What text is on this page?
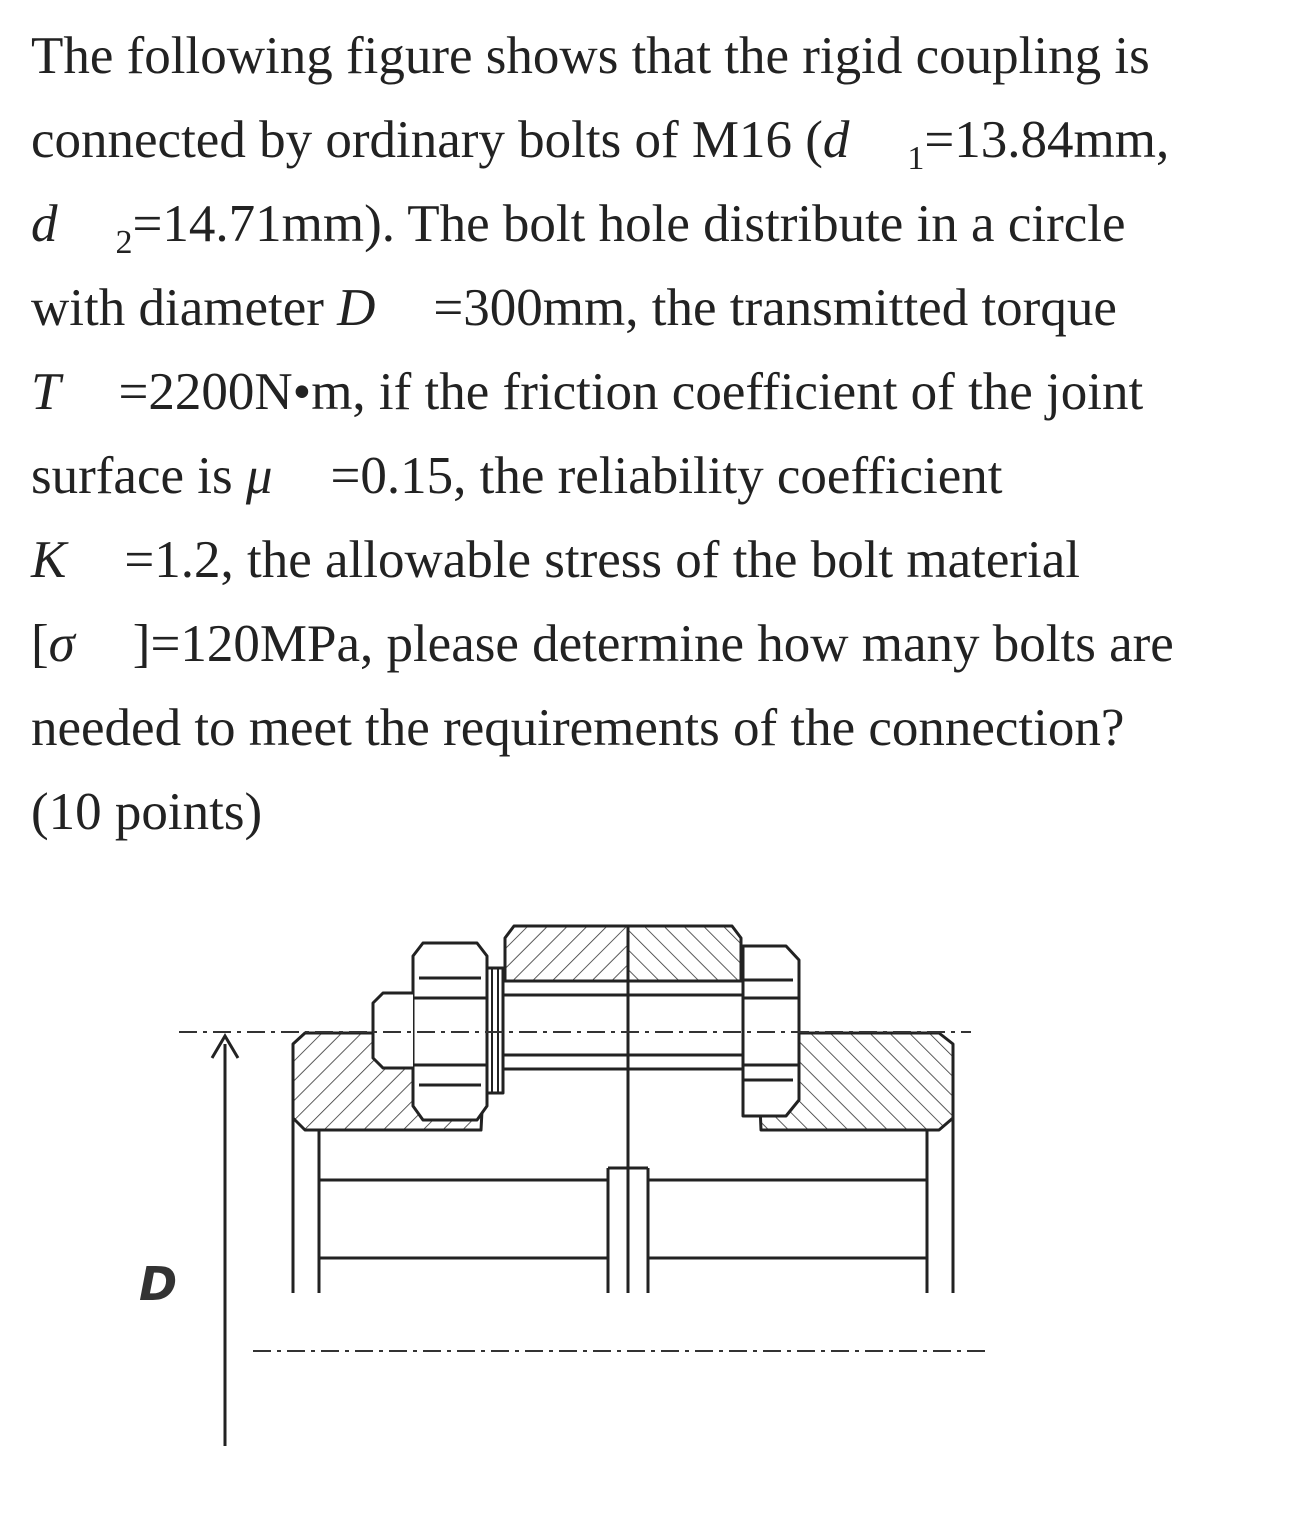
The following figure shows that the rigid coupling is
connected by ordinary bolts of M16 (d $_1$=13.84mm,
d $_2$=14.71mm). The bolt hole distribute in a circle
with diameter D =300mm, the transmitted torque
T =2200N•m, if the friction coefficient of the joint
surface is μ =0.15, the reliability coefficient
K =1.2, the allowable stress of the bolt material
[σ ]=120MPa, please determine how many bolts are
needed to meet the requirements of the connection?
(10 points)
D
